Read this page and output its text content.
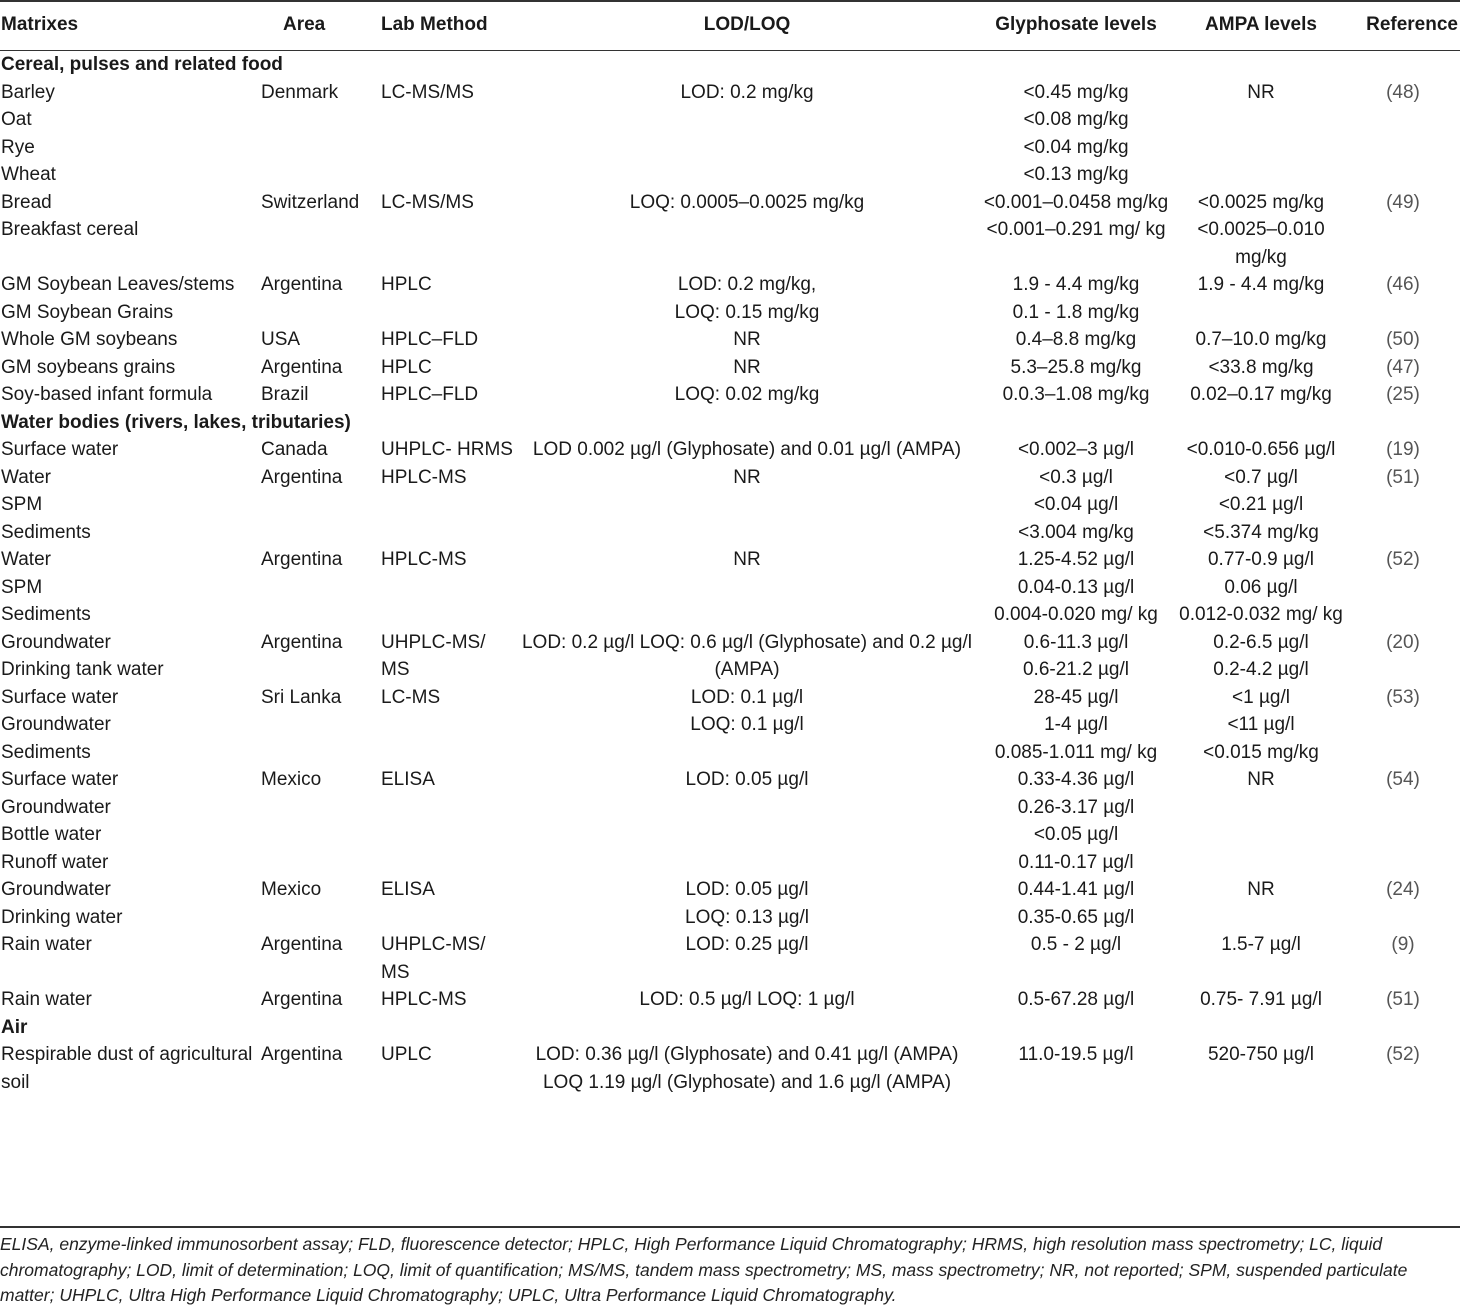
Matrixes	Area	Lab Method	LOD/LOQ	Glyphosate levels	AMPA levels	Reference
Cereal, pulses and related food						
Barley	Denmark	LC-MS/MS	LOD: 0.2 mg/kg	<0.45 mg/kg	NR	(48)
Oat				<0.08 mg/kg		
Rye				<0.04 mg/kg		
Wheat				<0.13 mg/kg		
Bread	Switzerland	LC-MS/MS	LOQ: 0.0005–0.0025 mg/kg	<0.001–0.0458 mg/kg	<0.0025 mg/kg	(49)
Breakfast cereal				<0.001–0.291 mg/ kg	<0.0025–0.010 mg/kg	
GM Soybean Leaves/stems	Argentina	HPLC	LOD: 0.2 mg/kg,	1.9 - 4.4 mg/kg	1.9 - 4.4 mg/kg	(46)
GM Soybean Grains			LOQ: 0.15 mg/kg	0.1 - 1.8 mg/kg		
Whole GM soybeans	USA	HPLC–FLD	NR	0.4–8.8 mg/kg	0.7–10.0 mg/kg	(50)
GM soybeans grains	Argentina	HPLC	NR	5.3–25.8 mg/kg	<33.8 mg/kg	(47)
Soy-based infant formula	Brazil	HPLC–FLD	LOQ: 0.02 mg/kg	0.0.3–1.08 mg/kg	0.02–0.17 mg/kg	(25)
Water bodies (rivers, lakes, tributaries)						
Surface water	Canada	UHPLC- HRMS	LOD 0.002 µg/l (Glyphosate) and 0.01 µg/l (AMPA)	<0.002–3 µg/l	<0.010-0.656 µg/l	(19)
Water	Argentina	HPLC-MS	NR	<0.3 µg/l	<0.7 µg/l	(51)
SPM				<0.04 µg/l	<0.21 µg/l	
Sediments				<3.004 mg/kg	<5.374 mg/kg	
Water	Argentina	HPLC-MS	NR	1.25-4.52 µg/l	0.77-0.9 µg/l	(52)
SPM				0.04-0.13 µg/l	0.06 µg/l	
Sediments				0.004-0.020 mg/ kg	0.012-0.032 mg/ kg	
Groundwater	Argentina	UHPLC-MS/ MS	LOD: 0.2 µg/l LOQ: 0.6 µg/l (Glyphosate) and 0.2 µg/l (AMPA)	0.6-11.3 µg/l	0.2-6.5 µg/l	(20)
Drinking tank water				0.6-21.2 µg/l	0.2-4.2 µg/l	
Surface water	Sri Lanka	LC-MS	LOD: 0.1 µg/l	28-45 µg/l	<1 µg/l	(53)
Groundwater			LOQ: 0.1 µg/l	1-4 µg/l	<11 µg/l	
Sediments				0.085-1.011 mg/ kg	<0.015 mg/kg	
Surface water	Mexico	ELISA	LOD: 0.05 µg/l	0.33-4.36 µg/l	NR	(54)
Groundwater				0.26-3.17 µg/l		
Bottle water				<0.05 µg/l		
Runoff water				0.11-0.17 µg/l		
Groundwater	Mexico	ELISA	LOD: 0.05 µg/l	0.44-1.41 µg/l	NR	(24)
Drinking water			LOQ: 0.13 µg/l	0.35-0.65 µg/l		
Rain water	Argentina	UHPLC-MS/ MS	LOD: 0.25 µg/l	0.5 - 2 µg/l	1.5-7 µg/l	(9)
Rain water	Argentina	HPLC-MS	LOD: 0.5 µg/l LOQ: 1 µg/l	0.5-67.28 µg/l	0.75- 7.91 µg/l	(51)
Air						
Respirable dust of agricultural soil	Argentina	UPLC	LOD: 0.36 µg/l (Glyphosate) and 0.41 µg/l (AMPA) LOQ 1.19 µg/l (Glyphosate) and 1.6 µg/l (AMPA)	11.0-19.5 µg/l	520-750 µg/l	(52)
ELISA, enzyme-linked immunosorbent assay; FLD, fluorescence detector; HPLC, High Performance Liquid Chromatography; HRMS, high resolution mass spectrometry; LC, liquid chromatography; LOD, limit of determination; LOQ, limit of quantification; MS/MS, tandem mass spectrometry; MS, mass spectrometry; NR, not reported; SPM, suspended particulate matter; UHPLC, Ultra High Performance Liquid Chromatography; UPLC, Ultra Performance Liquid Chromatography.
